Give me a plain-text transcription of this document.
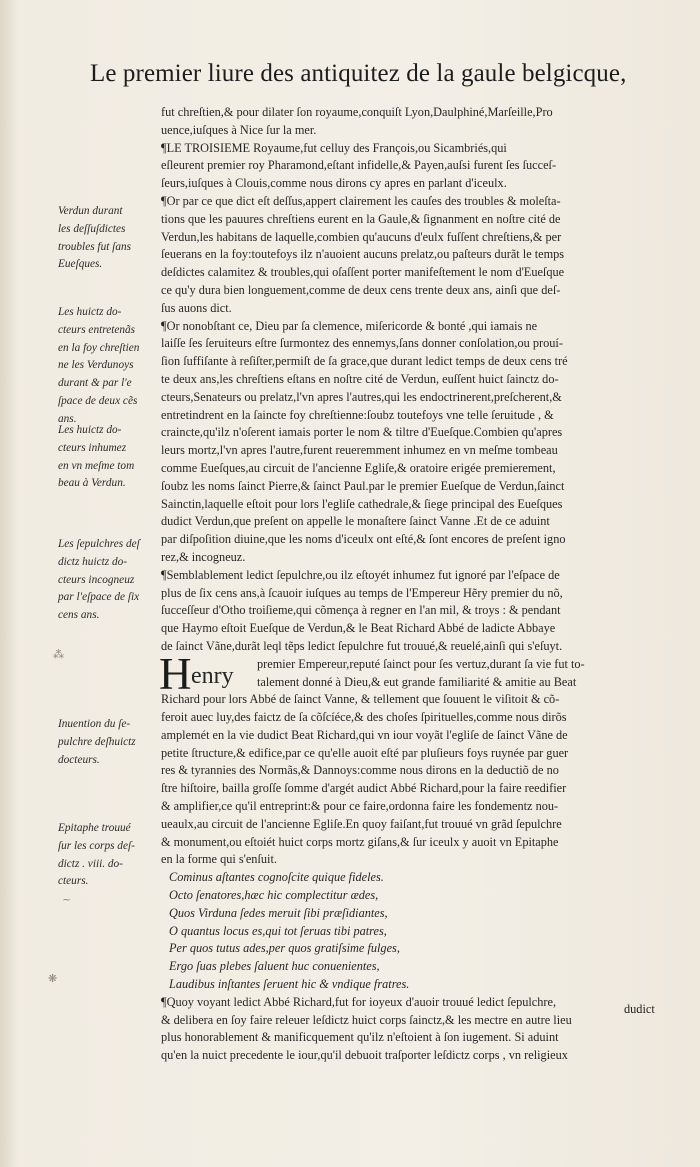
Le premier liure des antiquitez de la gaule belgicque,
Verdun durant
les deſſuſdictes
troubles fut ſans
Eueſques.
Les huictz do-
cteurs entretenãs
en la foy chreſtien
ne les Verdunoys
durant & par l'e
ſpace de deux cẽs
ans.
Les huictz do-
cteurs inhumez
en vn meſme tom
beau à Verdun.
Les ſepulchres deſ
dictz huictz do-
cteurs incogneuz
par l'eſpace de ſix
cens ans.
Inuention du ſe-
pulchre deſhuictz
docteurs.
Epitaphe trouué
ſur les corps deſ-
dictz . viii. do-
cteurs.
fut chreſtien,& pour dilater ſon royaume,conquiſt Lyon,Daulphiné,Marſeille,Pro
uence,iuſques à Nice ſur la mer.
¶LE TROISIEME Royaume,fut celluy des François,ou Sicambriés,qui
eſleurent premier roy Pharamond,eſtant infidelle,& Payen,auſsi furent ſes ſucceſ-
ſeurs,iuſques à Clouis,comme nous dirons cy apres en parlant d'iceulx.
¶Or par ce que dict eſt deſſus,appert clairement les cauſes des troubles & moleſta-
tions que les pauures chreſtiens eurent en la Gaule,& ſignanment en noſtre cité de
Verdun,les habitans de laquelle,combien qu'aucuns d'eulx fuſſent chreſtiens,& per
ſeuerans en la foy:toutefoys ilz n'auoient aucuns prelatz,ou paſteurs durãt le temps
deſdictes calamitez & troubles,qui oſaſſent porter manifeſtement le nom d'Eueſque
ce qu'y dura bien longuement,comme de deux cens trente deux ans, ainſi que deſ-
ſus auons dict.
¶Or nonobſtant ce, Dieu par ſa clemence, miſericorde & bonté ,qui iamais ne
laiſſe ſes ſeruiteurs eſtre ſurmontez des ennemys,ſans donner conſolation,ou prouí-
ſion ſuffiſante à reſiſter,permiſt de ſa grace,que durant ledict temps de deux cens tré
te deux ans,les chreſtiens eſtans en noſtre cité de Verdun, euſſent huict ſainctz do-
cteurs,Senateurs ou prelatz,l'vn apres l'autres,qui les endoctrinerent,preſcherent,&
entretindrent en la ſaincte foy chreſtienne:ſoubz toutefoys vne telle ſeruitude , &
craincte,qu'ilz n'oſerent iamais porter le nom & tiltre d'Eueſque.Combien qu'apres
leurs mortz,l'vn apres l'autre,furent reueremment inhumez en vn meſme tombeau
comme Eueſques,au circuit de l'ancienne Egliſe,& oratoire erigée premierement,
ſoubz les noms ſainct Pierre,& ſainct Paul.par le premier Eueſque de Verdun,ſainct
Sainctin,laquelle eſtoit pour lors l'egliſe cathedrale,& ſiege principal des Eueſques
dudict Verdun,que preſent on appelle le monaſtere ſainct Vanne .Et de ce aduint
par diſpoſition diuine,que les noms d'iceulx ont eſté,& ſont encores de preſent igno
rez,& incogneuz.
¶Semblablement ledict ſepulchre,ou ilz eſtoyét inhumez fut ignoré par l'eſpace de
plus de ſix cens ans,à ſcauoir iuſques au temps de l'Empereur Hẽry premier du nõ,
ſucceſſeur d'Otho troiſieme,qui cõmença à regner en l'an mil, & troys : & pendant
que Haymo eſtoit Eueſque de Verdun,& le Beat Richard Abbé de ladicte Abbaye
de ſainct Vãne,durãt leql tẽps ledict ſepulchre fut trouué,& reuelé,ainſi qui s'eſuyt.
H enry	premier Empereur,reputé ſainct pour ſes vertuz,durant ſa vie fut to-
talement donné à Dieu,& eut grande familiarité & amitie au Beat
Richard pour lors Abbé de ſainct Vanne, & tellement que ſouuent le viſitoit & cõ-
feroit auec luy,des faictz de ſa cõſcíéce,& des choſes ſpirituelles,comme nous dirõs
amplemét en la vie dudict Beat Richard,qui vn iour voyãt l'egliſe de ſainct Vãne de
petite ſtructure,& edifice,par ce qu'elle auoit eſté par pluſieurs foys ruynée par guer
res & tyrannies des Normãs,& Dannoys:comme nous dirons en la deductiõ de no
ſtre hiſtoire, bailla groſſe ſomme d'argét audict Abbé Richard,pour la faire reedifier
& amplifier,ce qu'il entreprint:& pour ce faire,ordonna faire les fondementz nou-
ueaulx,au circuit de l'ancienne Egliſe.En quoy faiſant,fut trouué vn grãd ſepulchre
& monument,ou eſtoiét huict corps mortz giſans,& ſur iceulx y auoit vn Epitaphe
en la forme qui s'enſuit.
Cominus aſtantes cognoſcite quique fideles.
Octo ſenatores,hæc hic complectitur ædes,
Quos Virduna ſedes meruit ſibi præſidiantes,
O quantus locus es,qui tot ſeruas tibi patres,
Per quos tutus ades,per quos gratiſsime fulges,
Ergo ſuas plebes ſaluent huc conuenientes,
Laudibus inſtantes ſeruent hic & vndique fratres.
¶Quoy voyant ledict Abbé Richard,fut for ioyeux d'auoir trouué ledict ſepulchre,
& delibera en ſoy faire releuer leſdictz huict corps ſainctz,& les mectre en autre lieu
plus honorablement & manificquement qu'ilz n'eſtoient à ſon iugement. Si aduint
qu'en la nuict precedente le iour,qu'il debuoit traſporter leſdictz corps , vn religieux
dudict
⁂
~
❋
